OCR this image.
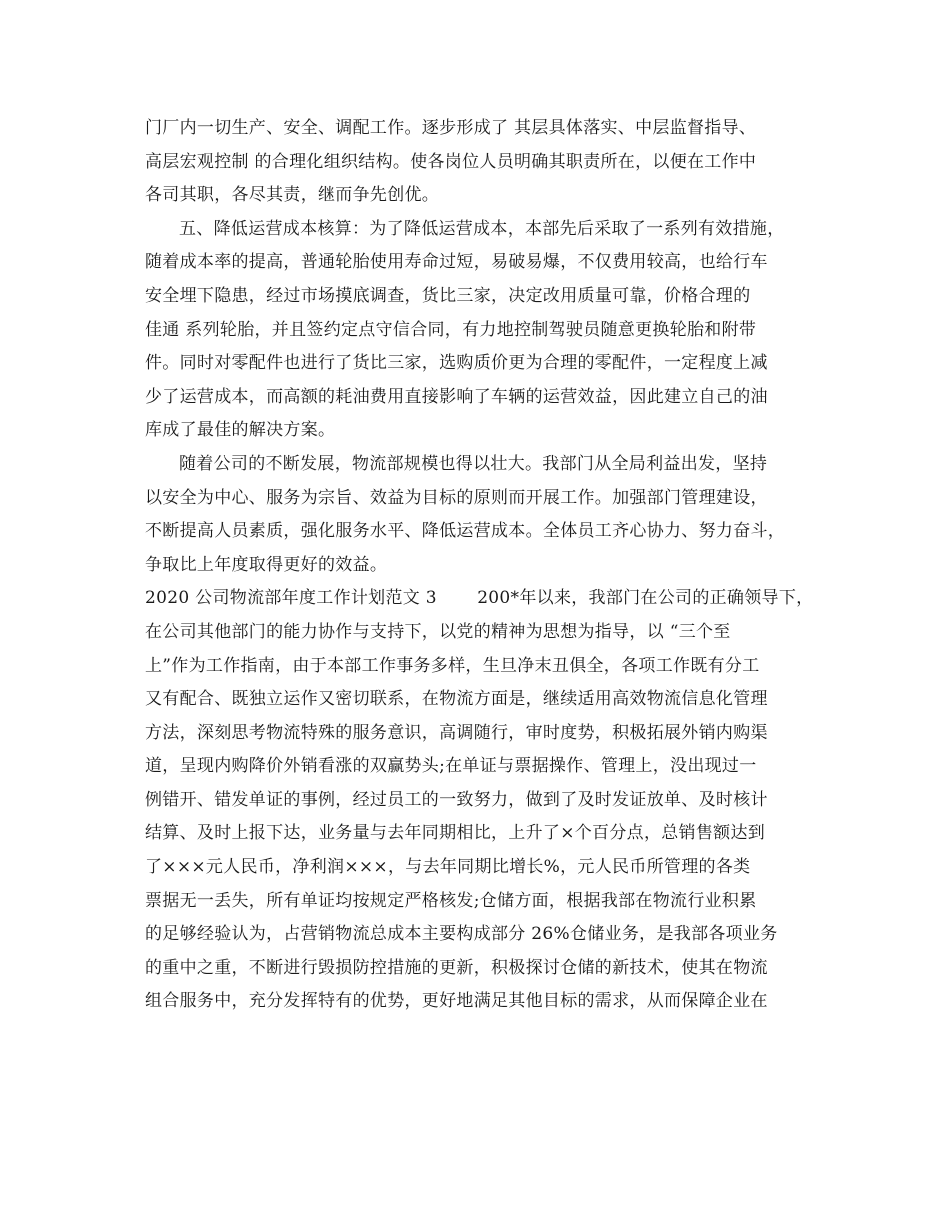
门厂内一切生产、安全、调配工作。逐步形成了 其层具体落实、中层监督指导、
高层宏观控制 的合理化组织结构。使各岗位人员明确其职责所在，以便在工作中
各司其职，各尽其责，继而争先创优。
五、降低运营成本核算：为了降低运营成本，本部先后采取了一系列有效措施，
随着成本率的提高，普通轮胎使用寿命过短，易破易爆，不仅费用较高，也给行车
安全埋下隐患，经过市场摸底调查，货比三家，决定改用质量可靠，价格合理的
佳通 系列轮胎，并且签约定点守信合同，有力地控制驾驶员随意更换轮胎和附带
件。同时对零配件也进行了货比三家，选购质价更为合理的零配件，一定程度上减
少了运营成本，而高额的耗油费用直接影响了车辆的运营效益，因此建立自己的油
库成了最佳的解决方案。
随着公司的不断发展，物流部规模也得以壮大。我部门从全局利益出发，坚持
以安全为中心、服务为宗旨、效益为目标的原则而开展工作。加强部门管理建设，
不断提高人员素质，强化服务水平、降低运营成本。全体员工齐心协力、努力奋斗，
争取比上年度取得更好的效益。
2020 公司物流部年度工作计划范文 3　　 200*年以来，我部门在公司的正确领导下，
在公司其他部门的能力协作与支持下，以党的精神为思想为指导，以 “三个至
上”作为工作指南，由于本部工作事务多样，生旦净末丑俱全，各项工作既有分工
又有配合、既独立运作又密切联系，在物流方面是，继续适用高效物流信息化管理
方法，深刻思考物流特殊的服务意识，高调随行，审时度势，积极拓展外销内购渠
道，呈现内购降价外销看涨的双赢势头;在单证与票据操作、管理上，没出现过一
例错开、错发单证的事例，经过员工的一致努力，做到了及时发证放单、及时核计
结算、及时上报下达，业务量与去年同期相比，上升了×个百分点，总销售额达到
了×××元人民币，净利润×××，与去年同期比增长%，元人民币所管理的各类
票据无一丢失，所有单证均按规定严格核发;仓储方面，根据我部在物流行业积累
的足够经验认为，占营销物流总成本主要构成部分 26%仓储业务，是我部各项业务
的重中之重，不断进行毁损防控措施的更新，积极探讨仓储的新技术，使其在物流
组合服务中，充分发挥特有的优势，更好地满足其他目标的需求，从而保障企业在
